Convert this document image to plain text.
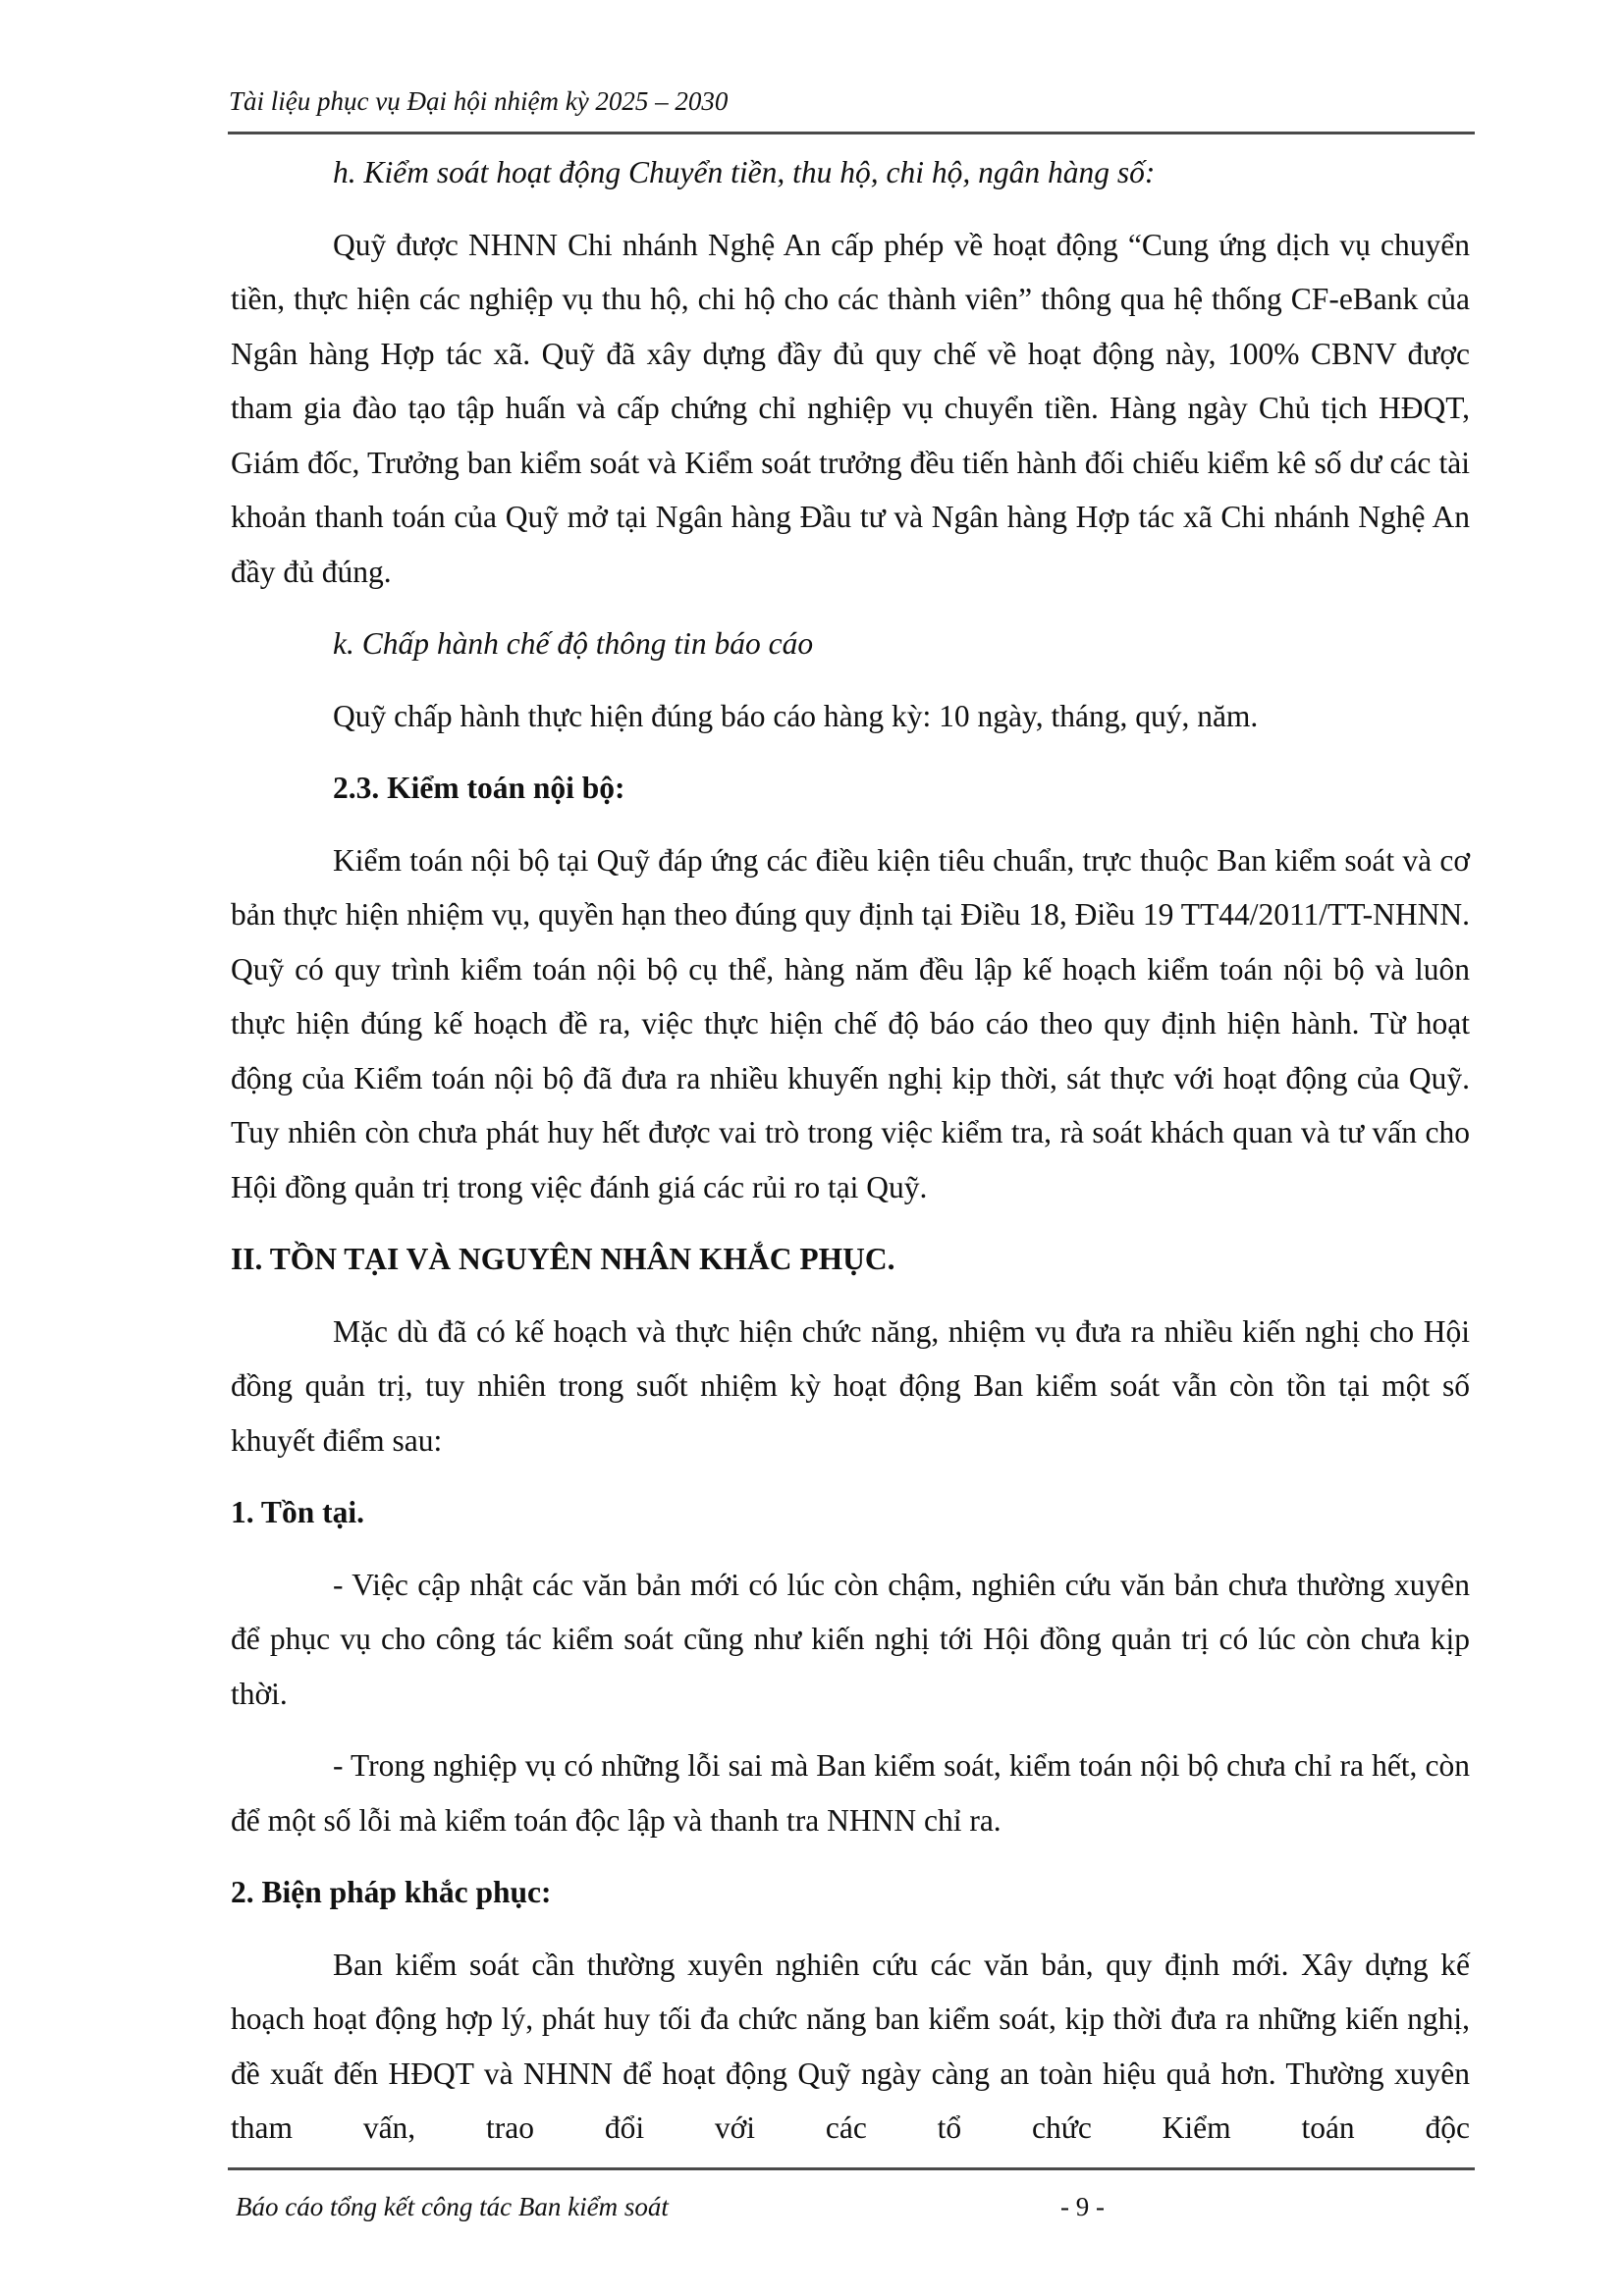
Tài liệu phục vụ Đại hội nhiệm kỳ 2025 – 2030

h. Kiểm soát hoạt động Chuyển tiền, thu hộ, chi hộ, ngân hàng số:

Quỹ được NHNN Chi nhánh Nghệ An cấp phép về hoạt động “Cung ứng dịch vụ chuyển tiền, thực hiện các nghiệp vụ thu hộ, chi hộ cho các thành viên” thông qua hệ thống CF-eBank của Ngân hàng Hợp tác xã. Quỹ đã xây dựng đầy đủ quy chế về hoạt động này, 100% CBNV được tham gia đào tạo tập huấn và cấp chứng chỉ nghiệp vụ chuyển tiền. Hàng ngày Chủ tịch HĐQT, Giám đốc, Trưởng ban kiểm soát và Kiểm soát trưởng đều tiến hành đối chiếu kiểm kê số dư các tài khoản thanh toán của Quỹ mở tại Ngân hàng Đầu tư và Ngân hàng Hợp tác xã Chi nhánh Nghệ An đầy đủ đúng.

k. Chấp hành chế độ thông tin báo cáo

Quỹ chấp hành thực hiện đúng báo cáo hàng kỳ: 10 ngày, tháng, quý, năm.

2.3. Kiểm toán nội bộ:

Kiểm toán nội bộ tại Quỹ đáp ứng các điều kiện tiêu chuẩn, trực thuộc Ban kiểm soát và cơ bản thực hiện nhiệm vụ, quyền hạn theo đúng quy định tại Điều 18, Điều 19 TT44/2011/TT-NHNN. Quỹ có quy trình kiểm toán nội bộ cụ thể, hàng năm đều lập kế hoạch kiểm toán nội bộ và luôn thực hiện đúng kế hoạch đề ra, việc thực hiện chế độ báo cáo theo quy định hiện hành. Từ hoạt động của Kiểm toán nội bộ đã đưa ra nhiều khuyến nghị kịp thời, sát thực với hoạt động của Quỹ. Tuy nhiên còn chưa phát huy hết được vai trò trong việc kiểm tra, rà soát khách quan và tư vấn cho Hội đồng quản trị trong việc đánh giá các rủi ro tại Quỹ.

II. TỒN TẠI VÀ NGUYÊN NHÂN KHẮC PHỤC.

Mặc dù đã có kế hoạch và thực hiện chức năng, nhiệm vụ đưa ra nhiều kiến nghị cho Hội đồng quản trị, tuy nhiên trong suốt nhiệm kỳ hoạt động Ban kiểm soát vẫn còn tồn tại một số khuyết điểm sau:

1. Tồn tại.

- Việc cập nhật các văn bản mới có lúc còn chậm, nghiên cứu văn bản chưa thường xuyên để phục vụ cho công tác kiểm soát cũng như kiến nghị tới Hội đồng quản trị có lúc còn chưa kịp thời.

- Trong nghiệp vụ có những lỗi sai mà Ban kiểm soát, kiểm toán nội bộ chưa chỉ ra hết, còn để một số lỗi mà kiểm toán độc lập và thanh tra NHNN chỉ ra.

2. Biện pháp khắc phục:

Ban kiểm soát cần thường xuyên nghiên cứu các văn bản, quy định mới. Xây dựng kế hoạch hoạt động hợp lý, phát huy tối đa chức năng ban kiểm soát, kịp thời đưa ra những kiến nghị, đề xuất đến HĐQT và NHNN để hoạt động Quỹ ngày càng an toàn hiệu quả hơn. Thường xuyên tham vấn, trao đổi với các tổ chức Kiểm toán độc

Báo cáo tổng kết công tác Ban kiểm soát	- 9 -
